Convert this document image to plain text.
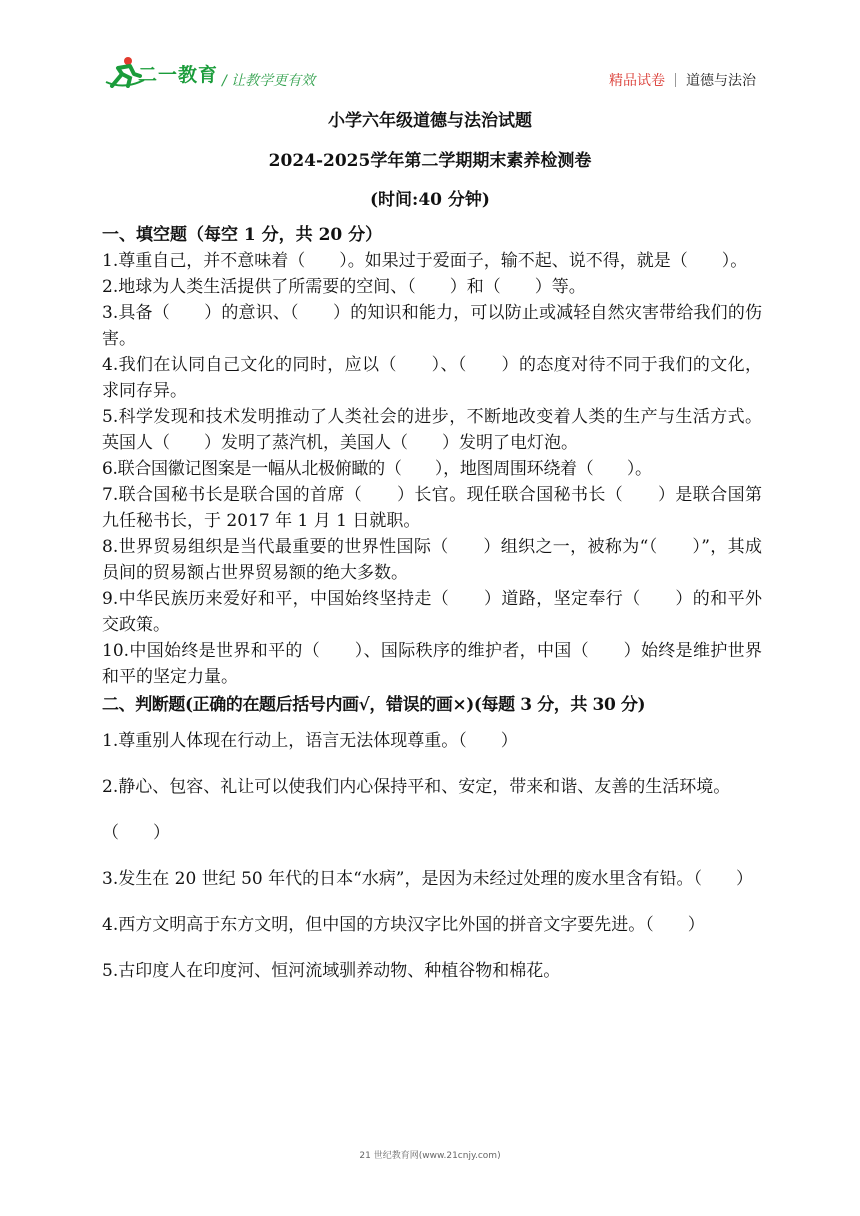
二一教育 / 让教学更有效	精品试卷 道德与法治
小学六年级道德与法治试题
2024-2025学年第二学期期末素养检测卷
(时间:40 分钟)
一、填空题（每空 1 分，共 20 分）

1.尊重自己，并不意味着（　　）。如果过于爱面子，输不起、说不得，就是（　　）。

2.地球为人类生活提供了所需要的空间、（　　）和（　　）等。

3.具备（　　）的意识、（　　）的知识和能力，可以防止或减轻自然灾害带给我们的伤害。

4.我们在认同自己文化的同时，应以（　　）、（　　）的态度对待不同于我们的文化，求同存异。

5.科学发现和技术发明推动了人类社会的进步，不断地改变着人类的生产与生活方式。英国人（　　）发明了蒸汽机，美国人（　　）发明了电灯泡。

6.联合国徽记图案是一幅从北极俯瞰的（　　），地图周围环绕着（　　）。

7.联合国秘书长是联合国的首席（　　）长官。现任联合国秘书长（　　）是联合国第九任秘书长，于 2017 年 1 月 1 日就职。

8.世界贸易组织是当代最重要的世界性国际（　　）组织之一，被称为“（　　）”，其成员间的贸易额占世界贸易额的绝大多数。

9.中华民族历来爱好和平，中国始终坚持走（　　）道路，坚定奉行（　　）的和平外交政策。

10.中国始终是世界和平的（　　）、国际秩序的维护者，中国（　　）始终是维护世界和平的坚定力量。

二、判断题(正确的在题后括号内画√，错误的画×)(每题 3 分，共 30 分)

1.尊重别人体现在行动上，语言无法体现尊重。（　　）

2.静心、包容、礼让可以使我们内心保持平和、安定，带来和谐、友善的生活环境。（　　）

3.发生在 20 世纪 50 年代的日本“水病”，是因为未经过处理的废水里含有铅。（　　）

4.西方文明高于东方文明，但中国的方块汉字比外国的拼音文字要先进。（　　）

5.古印度人在印度河、恒河流域驯养动物、种植谷物和棉花。

21 世纪教育网(www.21cnjy.com)
